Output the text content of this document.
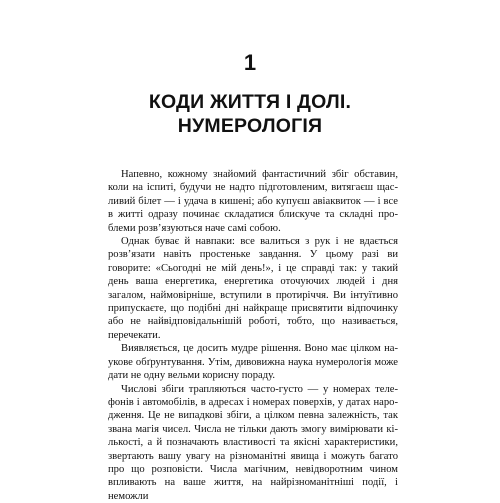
1
КОДИ ЖИТТЯ І ДОЛІ.
НУМЕРОЛОГІЯ

Напевно, кожному знайомий фантастичний збіг обставин, коли на іспиті, будучи не надто підготовленим, витягаєш щасливий білет — і удача в кишені; або купуєш авіаквиток — і все в житті одразу починає складатися блискуче та складні проблеми розв’язуються наче самі собою.

Однак буває й навпаки: все валиться з рук і не вдається розв’язати навіть простеньке завдання. У цьому разі ви говорите: «Сьогодні не мій день!», і це справді так: у такий день ваша енергетика, енергетика оточуючих людей і дня загалом, наймовірніше, вступили в протиріччя. Ви інтуїтивно припускаєте, що подібні дні найкраще присвятити відпочинку або не найвідповідальнішій роботі, тобто, що називається, перечекати.

Виявляється, це досить мудре рішення. Воно має цілком наукове обґрунтування. Утім, дивовижна наука нумерологія може дати не одну вельми корисну пораду.

Числові збіги трапляються часто-густо — у номерах телефонів і автомобілів, в адресах і номерах поверхів, у датах народження. Це не випадкові збіги, а цілком певна залежність, так звана магія чисел. Числа не тільки дають змогу вимірювати кількості, а й позначають властивості та якісні характеристики, звертають вашу увагу на різноманітні явища і можуть багато про що розповісти. Числа магічним, невідворотним чином впливають на ваше життя, на найрізноманітніші події, і неможли
